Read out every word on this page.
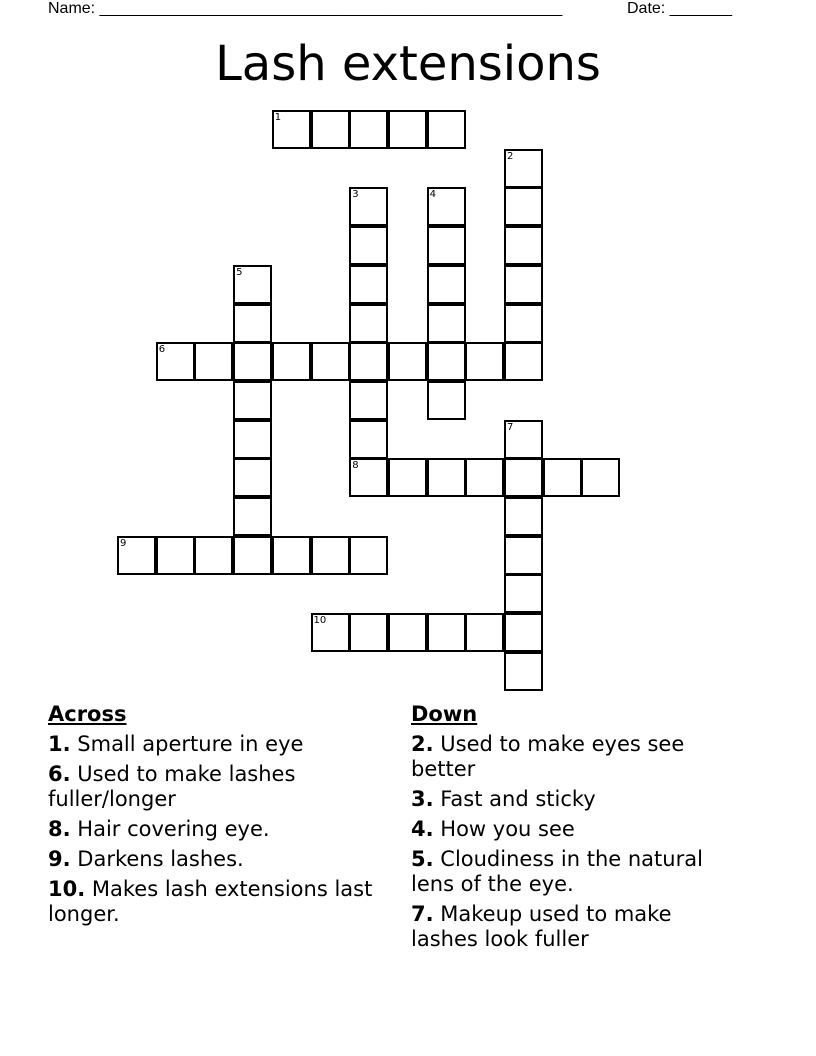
Name: ____________________________________________________	Date: _______
Lash extensions
1
2
3
8
4
5
6
7
9
10
Across
1. Small aperture in eye
6. Used to make lashes fuller/longer
8. Hair covering eye.
9. Darkens lashes.
10. Makes lash extensions last longer.
Down
2. Used to make eyes see better
3. Fast and sticky
4. How you see
5. Cloudiness in the natural lens of the eye.
7. Makeup used to make lashes look fuller
